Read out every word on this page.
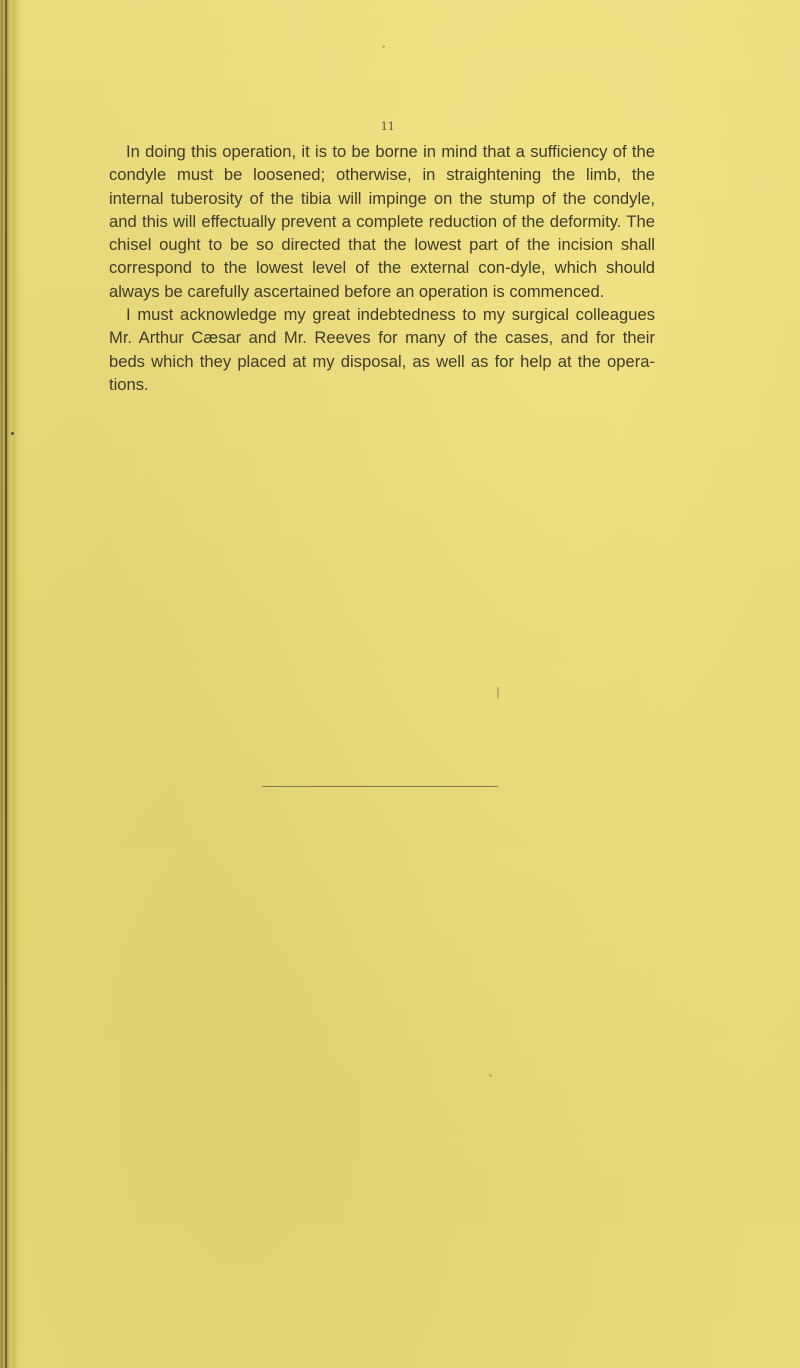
11

In doing this operation, it is to be borne in mind that a sufficiency of the condyle must be loosened; otherwise, in straightening the limb, the internal tuberosity of the tibia will impinge on the stump of the condyle, and this will effectually prevent a complete reduction of the deformity. The chisel ought to be so directed that the lowest part of the incision shall correspond to the lowest level of the external con-dyle, which should always be carefully ascertained before an operation is commenced.

I must acknowledge my great indebtedness to my surgical colleagues Mr. Arthur Cæsar and Mr. Reeves for many of the cases, and for their beds which they placed at my disposal, as well as for help at the opera-tions.
